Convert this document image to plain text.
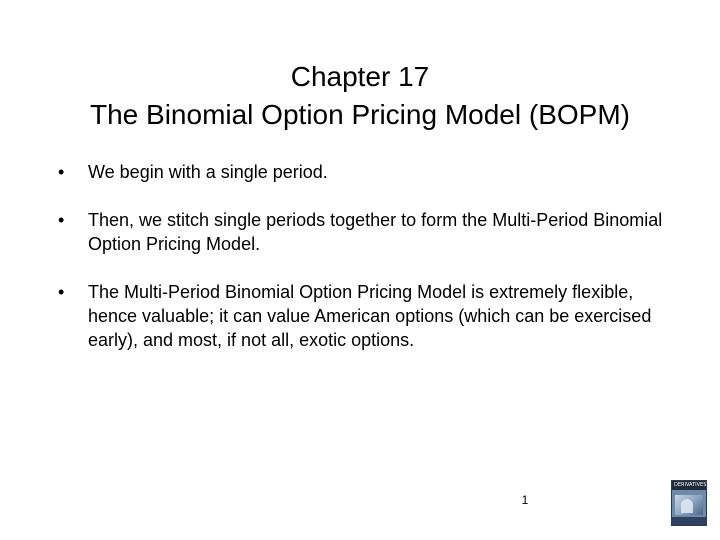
Chapter 17
The Binomial Option Pricing Model (BOPM)
• We begin with a single period.
• Then, we stitch single periods together to form the Multi-Period Binomial Option Pricing Model.
• The Multi-Period Binomial Option Pricing Model is extremely flexible, hence valuable; it can value American options (which can be exercised early), and most, if not all, exotic options.
1
DERIVATIVES
